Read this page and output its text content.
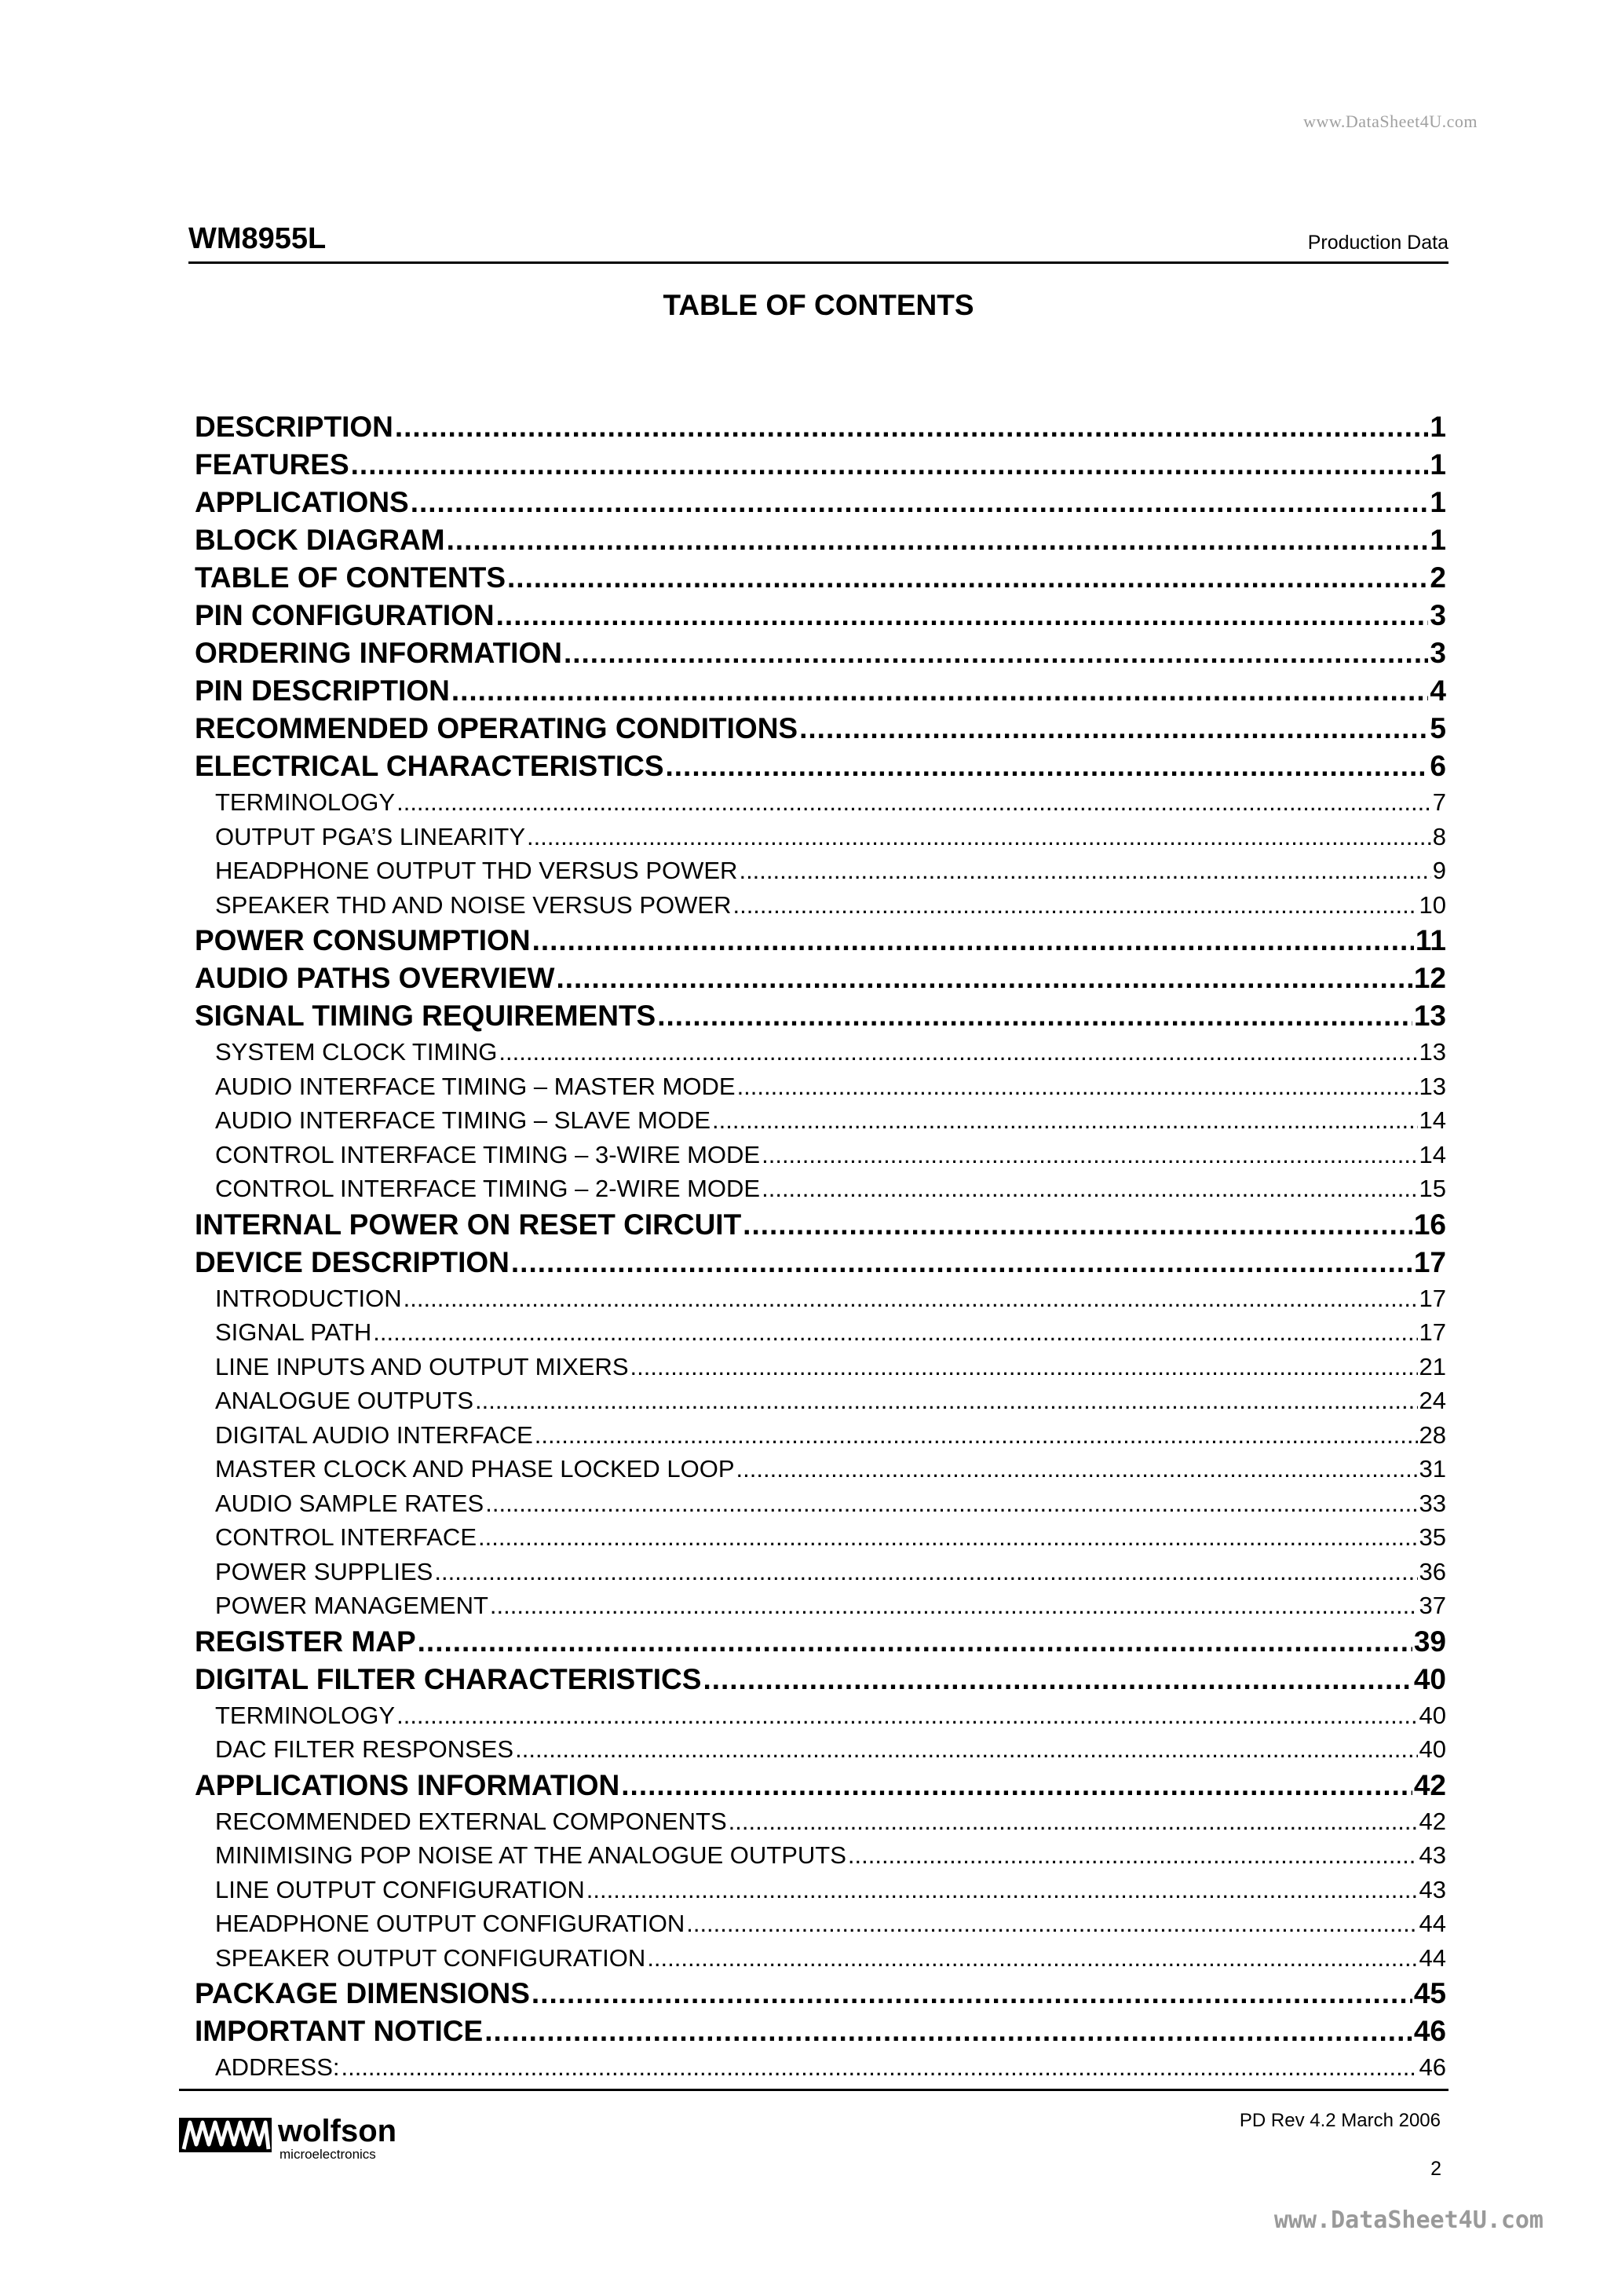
www.DataSheet4U.com
WM8955L	Production Data
TABLE OF CONTENTS
DESCRIPTION .....	1
FEATURES .....	1
APPLICATIONS .....	1
BLOCK DIAGRAM .....	1
TABLE OF CONTENTS .....	2
PIN CONFIGURATION .....	3
ORDERING INFORMATION .....	3
PIN DESCRIPTION .....	4
RECOMMENDED OPERATING CONDITIONS .....	5
ELECTRICAL CHARACTERISTICS .....	6
TERMINOLOGY .....	7
OUTPUT PGA’S LINEARITY .....	8
HEADPHONE OUTPUT THD VERSUS POWER .....	9
SPEAKER THD AND NOISE VERSUS POWER .....	10
POWER CONSUMPTION .....	11
AUDIO PATHS OVERVIEW .....	12
SIGNAL TIMING REQUIREMENTS .....	13
SYSTEM CLOCK TIMING .....	13
AUDIO INTERFACE TIMING – MASTER MODE .....	13
AUDIO INTERFACE TIMING – SLAVE MODE .....	14
CONTROL INTERFACE TIMING – 3-WIRE MODE .....	14
CONTROL INTERFACE TIMING – 2-WIRE MODE .....	15
INTERNAL POWER ON RESET CIRCUIT .....	16
DEVICE DESCRIPTION .....	17
INTRODUCTION .....	17
SIGNAL PATH .....	17
LINE INPUTS AND OUTPUT MIXERS .....	21
ANALOGUE OUTPUTS .....	24
DIGITAL AUDIO INTERFACE .....	28
MASTER CLOCK AND PHASE LOCKED LOOP .....	31
AUDIO SAMPLE RATES .....	33
CONTROL INTERFACE .....	35
POWER SUPPLIES .....	36
POWER MANAGEMENT .....	37
REGISTER MAP .....	39
DIGITAL FILTER CHARACTERISTICS .....	40
TERMINOLOGY .....	40
DAC FILTER RESPONSES .....	40
APPLICATIONS INFORMATION .....	42
RECOMMENDED EXTERNAL COMPONENTS .....	42
MINIMISING POP NOISE AT THE ANALOGUE OUTPUTS .....	43
LINE OUTPUT CONFIGURATION .....	43
HEADPHONE OUTPUT CONFIGURATION .....	44
SPEAKER OUTPUT CONFIGURATION .....	44
PACKAGE DIMENSIONS .....	45
IMPORTANT NOTICE .....	46
ADDRESS: .....	46
wolfson
microelectronics
PD Rev 4.2 March 2006
2
www.DataSheet4U.com
